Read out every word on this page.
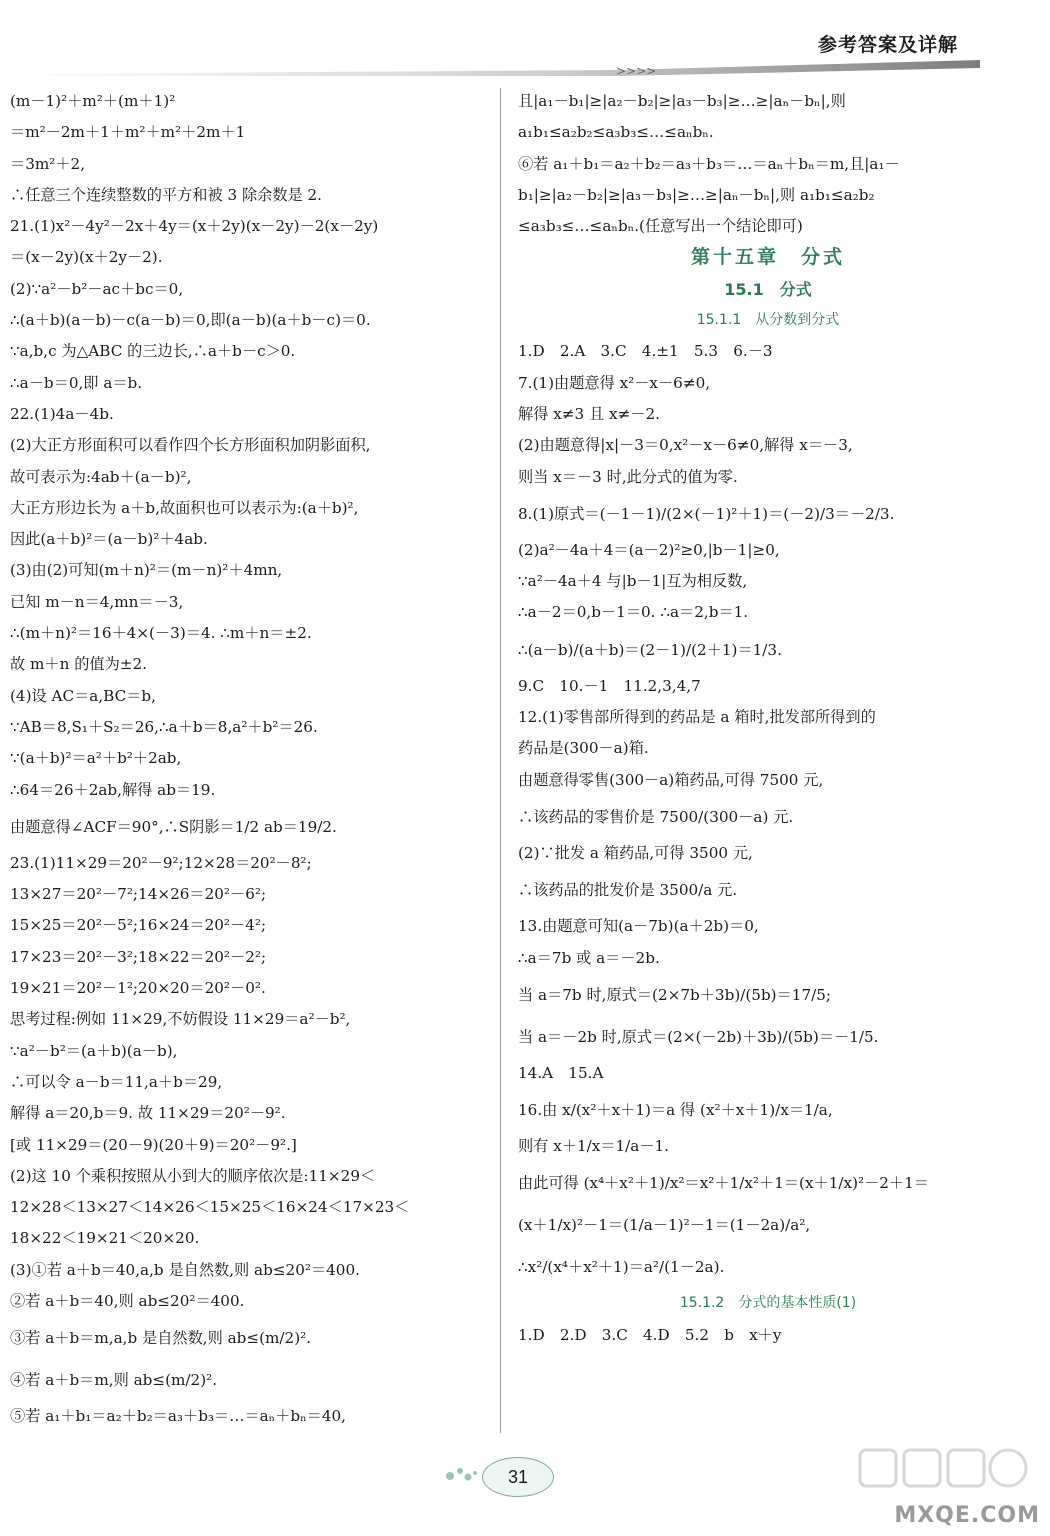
参考答案及详解
>>>>
(m－1)²＋m²＋(m＋1)²
＝m²－2m＋1＋m²＋m²＋2m＋1
＝3m²＋2,
∴任意三个连续整数的平方和被 3 除余数是 2.
21.(1)x²－4y²－2x＋4y＝(x＋2y)(x－2y)－2(x－2y)
＝(x－2y)(x＋2y－2).
(2)∵a²－b²－ac＋bc＝0,
∴(a＋b)(a－b)－c(a－b)＝0,即(a－b)(a＋b－c)＝0.
∵a,b,c 为△ABC 的三边长,∴a＋b－c＞0.
∴a－b＝0,即 a＝b.
22.(1)4a－4b.
(2)大正方形面积可以看作四个长方形面积加阴影面积,
故可表示为:4ab＋(a－b)²,
大正方形边长为 a＋b,故面积也可以表示为:(a＋b)²,
因此(a＋b)²＝(a－b)²＋4ab.
(3)由(2)可知(m＋n)²＝(m－n)²＋4mn,
已知 m－n＝4,mn＝－3,
∴(m＋n)²＝16＋4×(－3)＝4. ∴m＋n＝±2.
故 m＋n 的值为±2.
(4)设 AC＝a,BC＝b,
∵AB＝8,S₁＋S₂＝26,∴a＋b＝8,a²＋b²＝26.
∵(a＋b)²＝a²＋b²＋2ab,
∴64＝26＋2ab,解得 ab＝19.
由题意得∠ACF＝90°,∴S阴影＝1/2 ab＝19/2.
23.(1)11×29＝20²－9²;12×28＝20²－8²;
13×27＝20²－7²;14×26＝20²－6²;
15×25＝20²－5²;16×24＝20²－4²;
17×23＝20²－3²;18×22＝20²－2²;
19×21＝20²－1²;20×20＝20²－0².
思考过程:例如 11×29,不妨假设 11×29＝a²－b²,
∵a²－b²＝(a＋b)(a－b),
∴可以令 a－b＝11,a＋b＝29,
解得 a＝20,b＝9. 故 11×29＝20²－9².
[或 11×29＝(20－9)(20＋9)＝20²－9².]
(2)这 10 个乘积按照从小到大的顺序依次是:11×29＜
12×28＜13×27＜14×26＜15×25＜16×24＜17×23＜
18×22＜19×21＜20×20.
(3)①若 a＋b＝40,a,b 是自然数,则 ab≤20²＝400.
②若 a＋b＝40,则 ab≤20²＝400.
③若 a＋b＝m,a,b 是自然数,则 ab≤(m/2)².
④若 a＋b＝m,则 ab≤(m/2)².
⑤若 a₁＋b₁＝a₂＋b₂＝a₃＋b₃＝…＝aₙ＋bₙ＝40,
且|a₁－b₁|≥|a₂－b₂|≥|a₃－b₃|≥…≥|aₙ－bₙ|,则
a₁b₁≤a₂b₂≤a₃b₃≤…≤aₙbₙ.
⑥若 a₁＋b₁＝a₂＋b₂＝a₃＋b₃＝…＝aₙ＋bₙ＝m,且|a₁－
b₁|≥|a₂－b₂|≥|a₃－b₃|≥…≥|aₙ－bₙ|,则 a₁b₁≤a₂b₂
≤a₃b₃≤…≤aₙbₙ.(任意写出一个结论即可)
第十五章　分式
15.1　分式
15.1.1　从分数到分式
1.D　2.A　3.C　4.±1　5.3　6.－3
7.(1)由题意得 x²－x－6≠0,
解得 x≠3 且 x≠－2.
(2)由题意得|x|－3＝0,x²－x－6≠0,解得 x＝－3,
则当 x＝－3 时,此分式的值为零.
8.(1)原式＝(－1－1)/(2×(－1)²＋1)＝(－2)/3＝－2/3.
(2)a²－4a＋4＝(a－2)²≥0,|b－1|≥0,
∵a²－4a＋4 与|b－1|互为相反数,
∴a－2＝0,b－1＝0. ∴a＝2,b＝1.
∴(a－b)/(a＋b)＝(2－1)/(2＋1)＝1/3.
9.C　10.－1　11.2,3,4,7
12.(1)零售部所得到的药品是 a 箱时,批发部所得到的
药品是(300－a)箱.
由题意得零售(300－a)箱药品,可得 7500 元,
∴该药品的零售价是 7500/(300－a) 元.
(2)∵批发 a 箱药品,可得 3500 元,
∴该药品的批发价是 3500/a 元.
13.由题意可知(a－7b)(a＋2b)＝0,
∴a＝7b 或 a＝－2b.
当 a＝7b 时,原式＝(2×7b＋3b)/(5b)＝17/5;
当 a＝－2b 时,原式＝(2×(－2b)＋3b)/(5b)＝－1/5.
14.A　15.A
16.由 x/(x²＋x＋1)＝a 得 (x²＋x＋1)/x＝1/a,
则有 x＋1/x＝1/a－1.
由此可得 (x⁴＋x²＋1)/x²＝x²＋1/x²＋1＝(x＋1/x)²－2＋1＝
(x＋1/x)²－1＝(1/a－1)²－1＝(1－2a)/a²,
∴x²/(x⁴＋x²＋1)＝a²/(1－2a).
15.1.2　分式的基本性质(1)
1.D　2.D　3.C　4.D　5.2　b　x＋y
31
MXQE.COM
